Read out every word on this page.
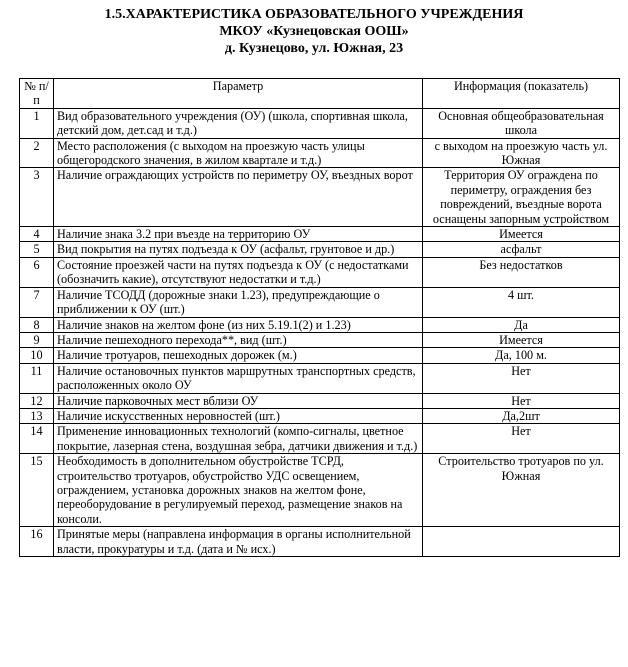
1.5.ХАРАКТЕРИСТИКА ОБРАЗОВАТЕЛЬНОГО УЧРЕЖДЕНИЯ
МКОУ «Кузнецовская ООШ»
д. Кузнецово, ул. Южная, 23
№ п/п	Параметр	Информация (показатель)
1	Вид образовательного учреждения (ОУ) (школа, спортивная школа, детский дом, дет.сад и т.д.)	Основная общеобразовательная школа
2	Место расположения (с выходом на проезжую часть улицы общегородского значения, в жилом квартале и т.д.)	с выходом на проезжую часть ул. Южная
3	Наличие ограждающих устройств по периметру ОУ, въездных ворот	Территория ОУ ограждена по периметру, ограждения без повреждений, въездные ворота оснащены запорным устройством
4	Наличие знака 3.2 при въезде на территорию ОУ	Имеется
5	Вид покрытия на путях подъезда к ОУ (асфальт, грунтовое и др.)	асфальт
6	Состояние проезжей части на путях подъезда к ОУ (с недостатками (обозначить какие), отсутствуют недостатки и т.д.)	Без недостатков
7	Наличие ТСОДД (дорожные знаки 1.23), предупреждающие о приближении к ОУ (шт.)	4 шт.
8	Наличие знаков на желтом фоне (из них 5.19.1(2) и 1.23)	Да
9	Наличие пешеходного перехода**, вид (шт.)	Имеется
10	Наличие тротуаров, пешеходных дорожек (м.)	Да, 100 м.
11	Наличие остановочных пунктов маршрутных транспортных средств, расположенных около ОУ	Нет
12	Наличие парковочных мест вблизи ОУ	Нет
13	Наличие искусственных неровностей (шт.)	Да,2шт
14	Применение инновационных технологий (компо-сигналы, цветное покрытие, лазерная стена, воздушная зебра, датчики движения и т.д.)	Нет
15	Необходимость в дополнительном обустройстве ТСРД, строительство тротуаров, обустройство УДС освещением, ограждением, установка дорожных знаков на желтом фоне, переоборудование в регулируемый переход, размещение знаков на консоли.	Строительство тротуаров по ул. Южная
16	Принятые меры (направлена информация в органы исполнительной власти, прокуратуры и т.д. (дата и № исх.)	
